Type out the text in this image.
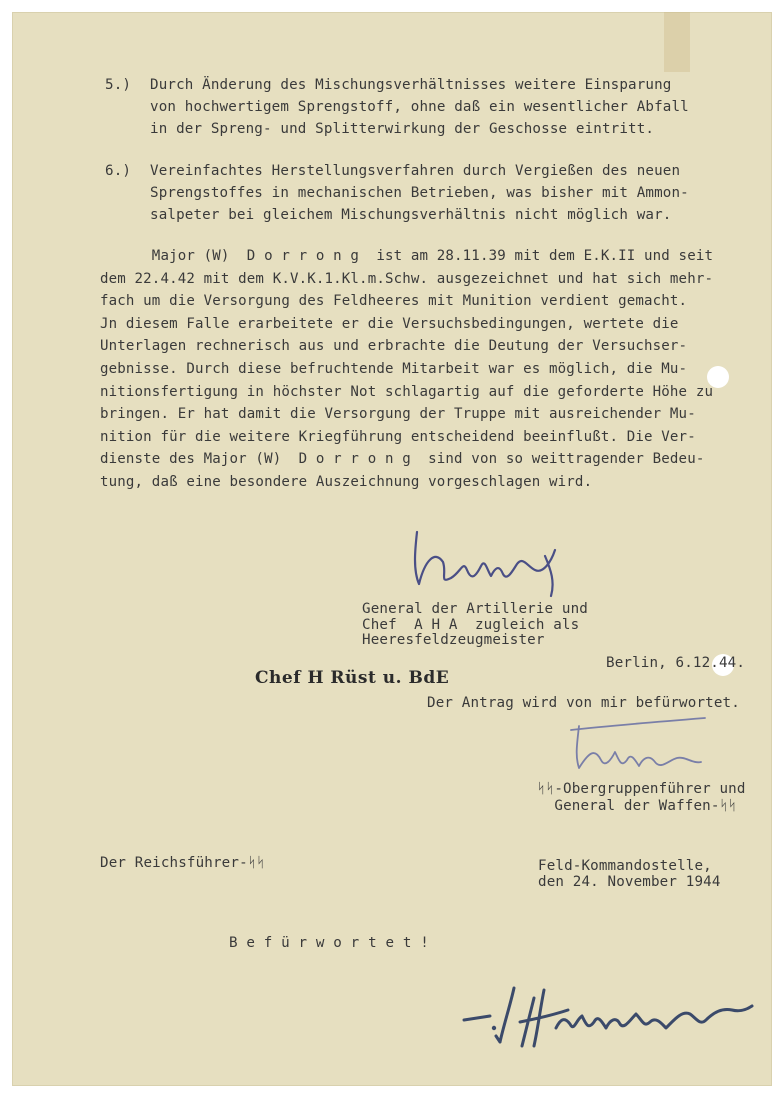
5.) Durch Änderung des Mischungsverhältnisses weitere Einsparung
von hochwertigem Sprengstoff, ohne daß ein wesentlicher Abfall
in der Spreng- und Splitterwirkung der Geschosse eintritt.
6.) Vereinfachtes Herstellungsverfahren durch Vergießen des neuen
Sprengstoffes in mechanischen Betrieben, was bisher mit Ammon-
salpeter bei gleichem Mischungsverhältnis nicht möglich war.
Major (W)  D o r r o n g  ist am 28.11.39 mit dem E.K.II und seit
dem 22.4.42 mit dem K.V.K.1.Kl.m.Schw. ausgezeichnet und hat sich mehr-
fach um die Versorgung des Feldheeres mit Munition verdient gemacht.
Jn diesem Falle erarbeitete er die Versuchsbedingungen, wertete die
Unterlagen rechnerisch aus und erbrachte die Deutung der Versuchser-
gebnisse. Durch diese befruchtende Mitarbeit war es möglich, die Mu-
nitionsfertigung in höchster Not schlagartig auf die geforderte Höhe zu
bringen. Er hat damit die Versorgung der Truppe mit ausreichender Mu-
nition für die weitere Kriegführung entscheidend beeinflußt. Die Ver-
dienste des Major (W)  D o r r o n g  sind von so weittragender Bedeu-
tung, daß eine besondere Auszeichnung vorgeschlagen wird.
General der Artillerie und
Chef  A H A  zugleich als
Heeresfeldzeugmeister
Berlin, 6.12.44.
Chef H Rüst u. BdE
Der Antrag wird von mir befürwortet.
ᛋᛋ-Obergruppenführer und
General der Waffen-ᛋᛋ
Der Reichsführer-ᛋᛋ	Feld-Kommandostelle,
den 24. November 1944
B e f ü r w o r t e t !
